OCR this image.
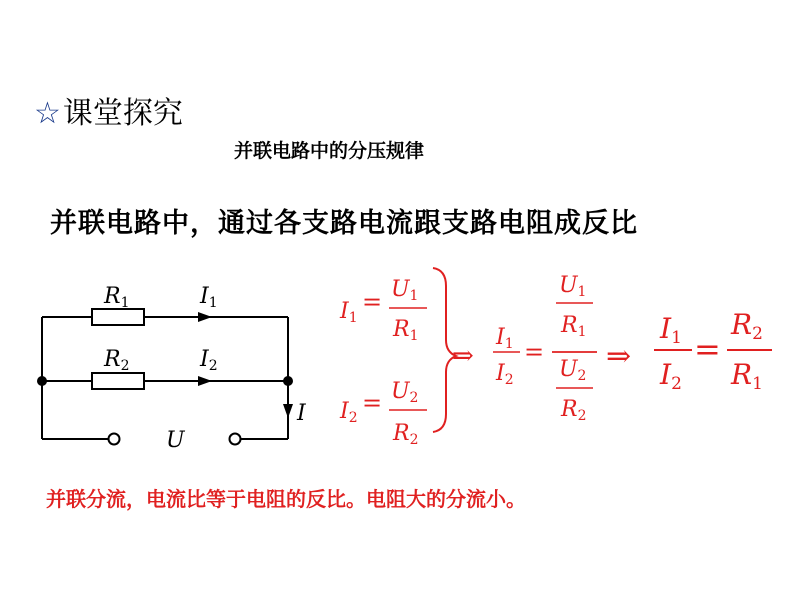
☆课堂探究
并联电路中的分压规律
并联电路中，通过各支路电流跟支路电阻成反比
R1	I1
R2	I2
I
U
I1
= U1
R1
I2
= U2
R2
⇒
I1
I2
=
U1
R1
U2
R2
⇒
I1
I2
=
R2
R1
并联分流，电流比等于电阻的反比。电阻大的分流小。
